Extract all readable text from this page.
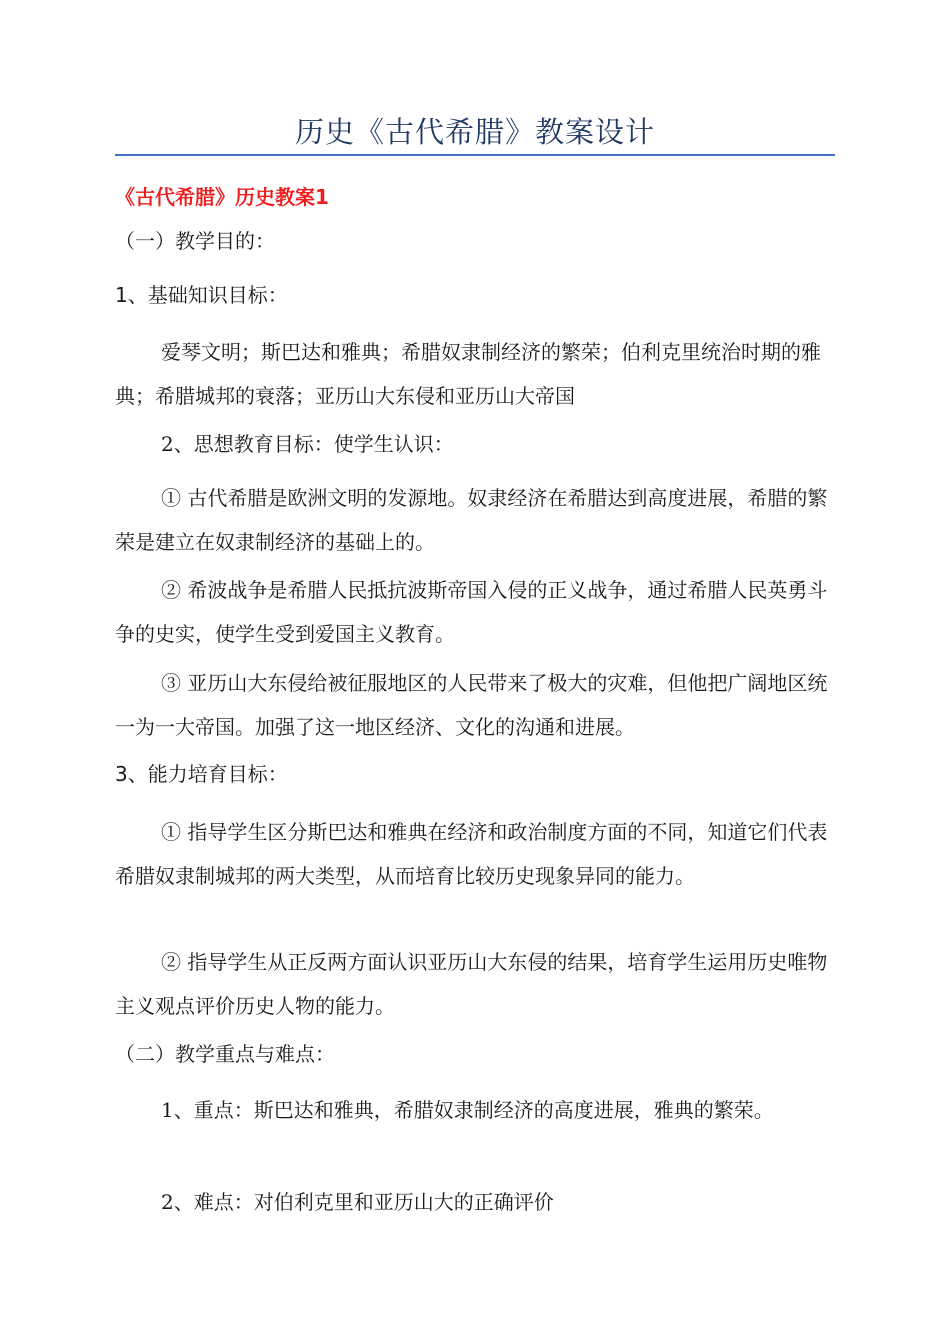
历史《古代希腊》教案设计
《古代希腊》历史教案1
（一）教学目的：
1、基础知识目标：
爱琴文明；斯巴达和雅典；希腊奴隶制经济的繁荣；伯利克里统治时期的雅典；希腊城邦的衰落；亚历山大东侵和亚历山大帝国
2、思想教育目标：使学生认识：
① 古代希腊是欧洲文明的发源地。奴隶经济在希腊达到高度进展，希腊的繁荣是建立在奴隶制经济的基础上的。
② 希波战争是希腊人民抵抗波斯帝国入侵的正义战争，通过希腊人民英勇斗争的史实，使学生受到爱国主义教育。
③ 亚历山大东侵给被征服地区的人民带来了极大的灾难，但他把广阔地区统一为一大帝国。加强了这一地区经济、文化的沟通和进展。
3、能力培育目标：
① 指导学生区分斯巴达和雅典在经济和政治制度方面的不同，知道它们代表希腊奴隶制城邦的两大类型，从而培育比较历史现象异同的能力。
② 指导学生从正反两方面认识亚历山大东侵的结果，培育学生运用历史唯物主义观点评价历史人物的能力。
（二）教学重点与难点：
1、重点：斯巴达和雅典，希腊奴隶制经济的高度进展，雅典的繁荣。
2、难点：对伯利克里和亚历山大的正确评价
